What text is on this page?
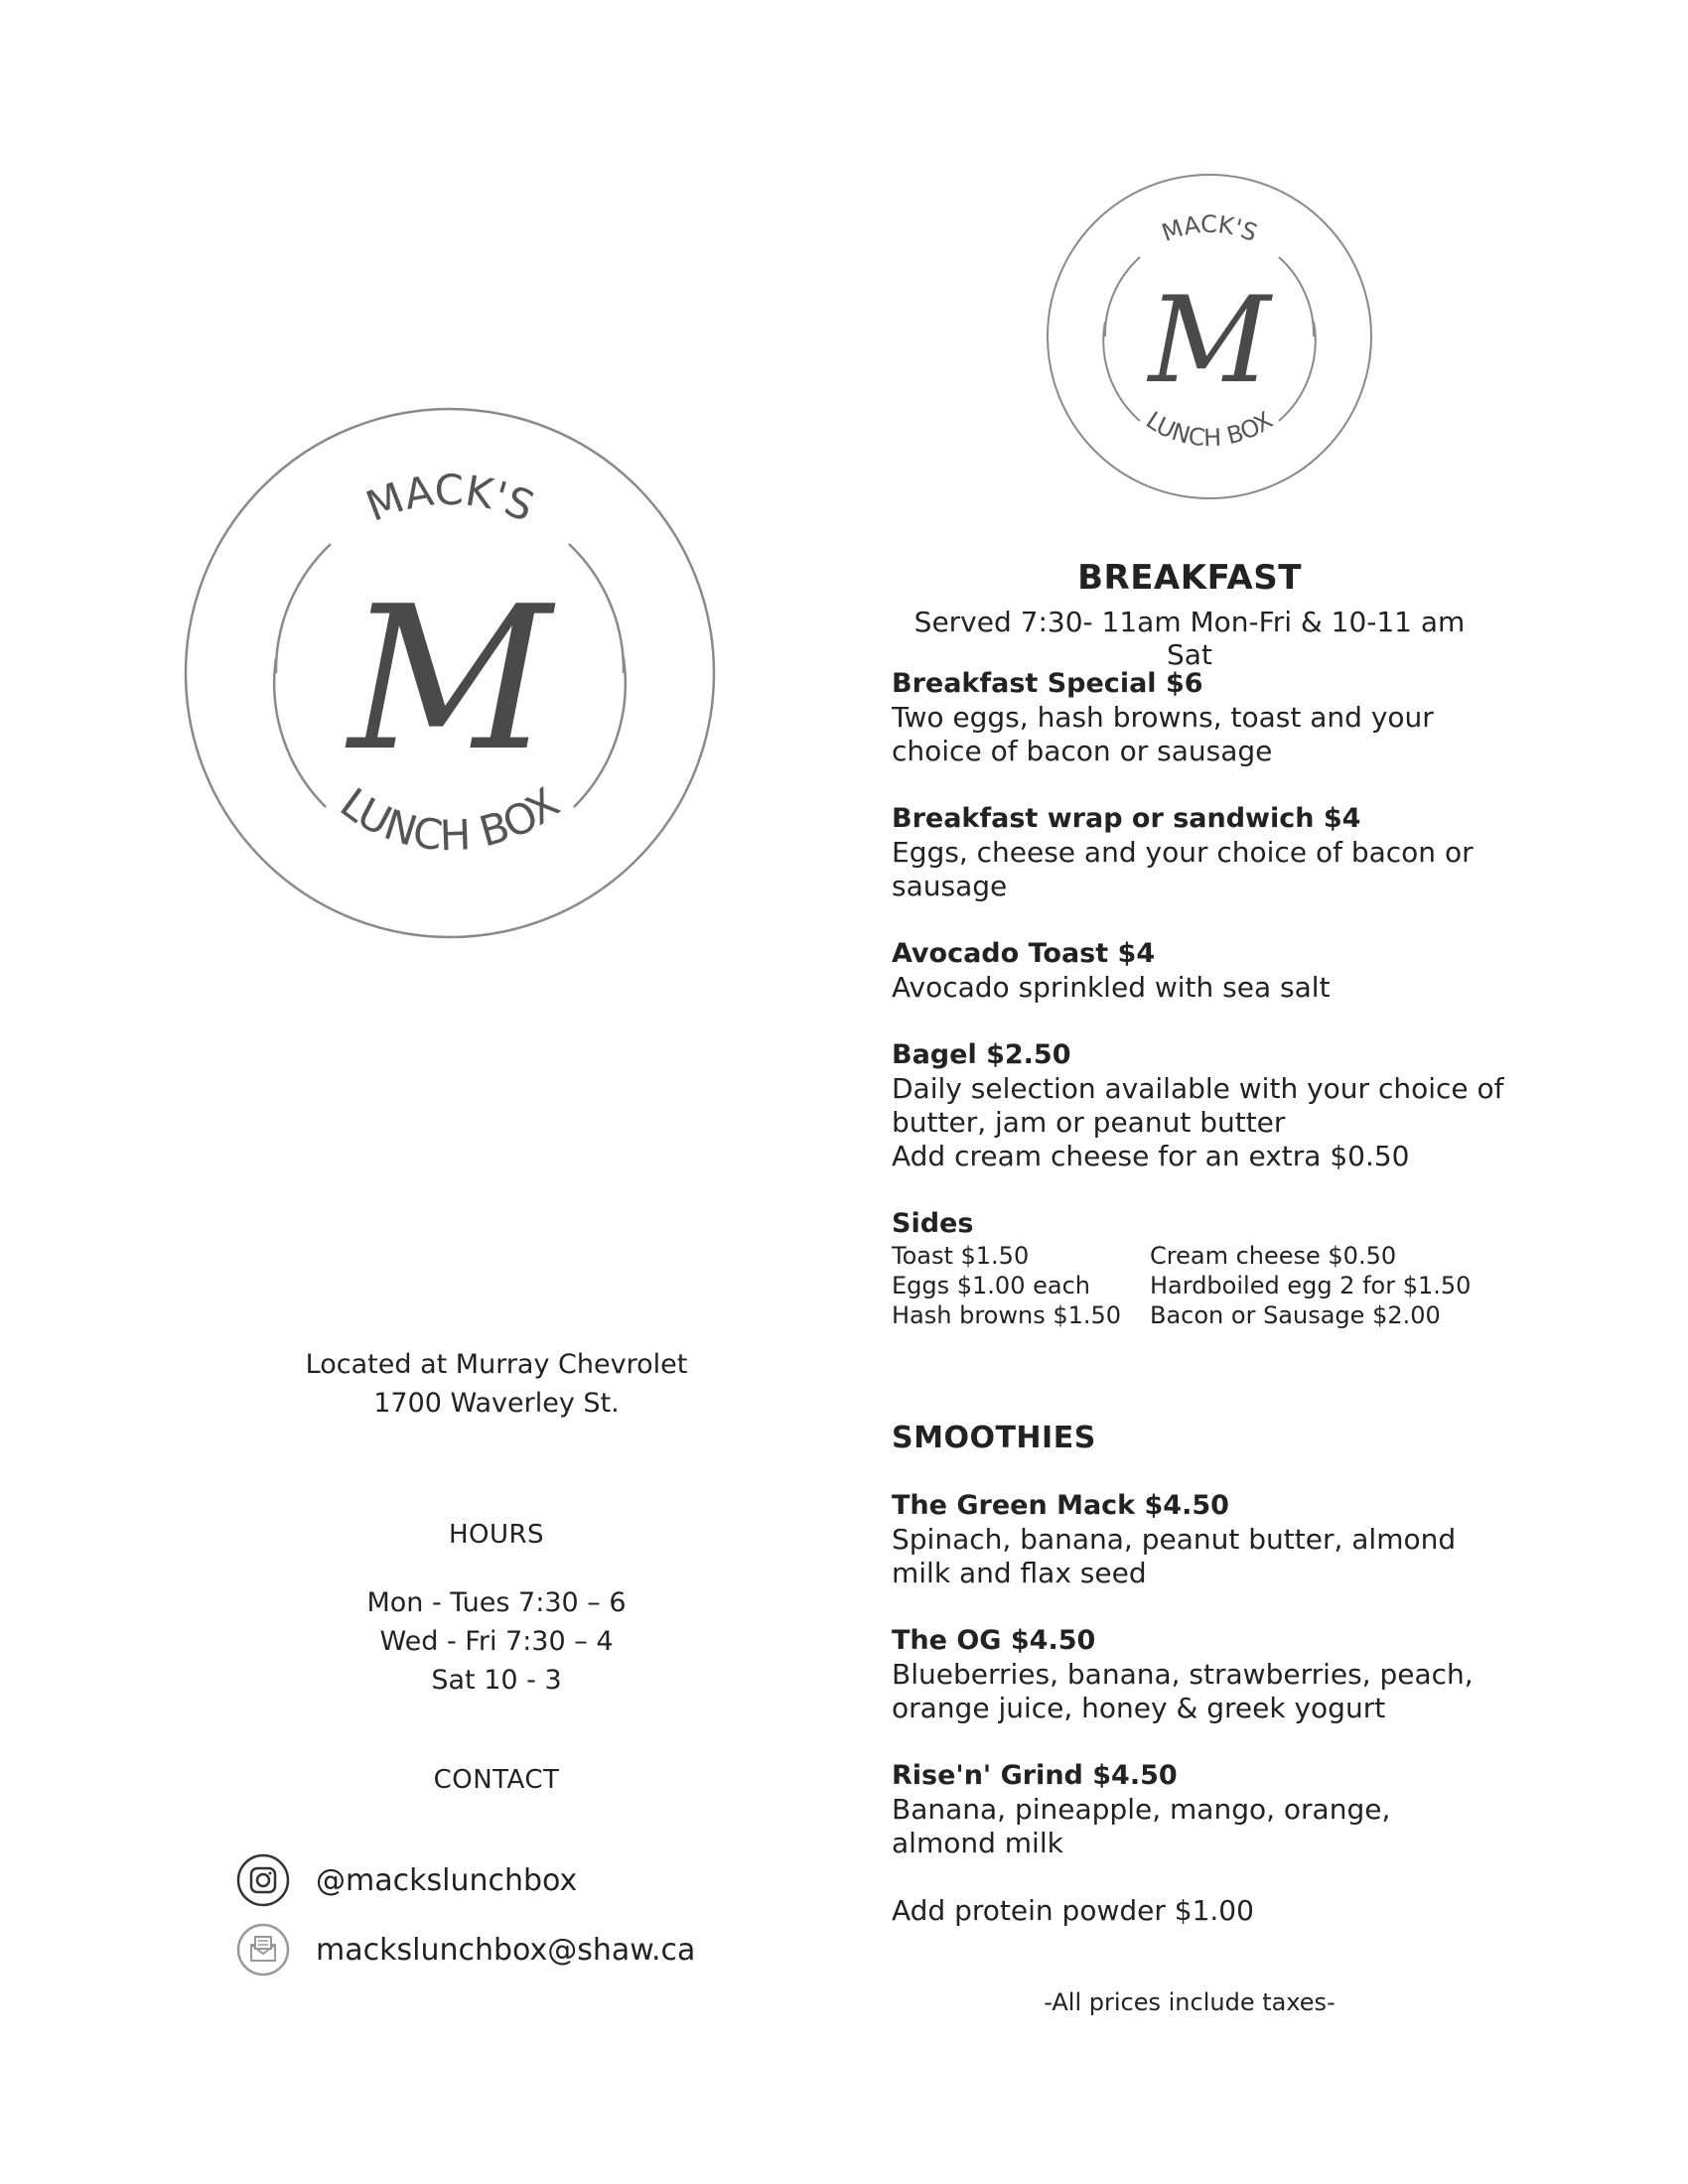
MACK'S
M
LUNCH BOX
MACK'S
M
LUNCH BOX
Located at Murray Chevrolet
1700 Waverley St.
HOURS
Mon - Tues 7:30 – 6
Wed - Fri 7:30 – 4
Sat 10 - 3
CONTACT
@mackslunchbox
mackslunchbox@shaw.ca
BREAKFAST
Served 7:30- 11am Mon-Fri & 10-11 am Sat
Breakfast Special $6
Two eggs, hash browns, toast and your
choice of bacon or sausage
Breakfast wrap or sandwich $4
Eggs, cheese and your choice of bacon or
sausage
Avocado Toast $4
Avocado sprinkled with sea salt
Bagel $2.50
Daily selection available with your choice of
butter, jam or peanut butter
Add cream cheese for an extra $0.50
Sides
Toast $1.50	Cream cheese $0.50
Eggs $1.00 each	Hardboiled egg 2 for $1.50
Hash browns $1.50	Bacon or Sausage $2.00
SMOOTHIES
The Green Mack $4.50
Spinach, banana, peanut butter, almond
milk and flax seed
The OG $4.50
Blueberries, banana, strawberries, peach,
orange juice, honey & greek yogurt
Rise'n' Grind $4.50
Banana, pineapple, mango, orange,
almond milk
Add protein powder $1.00
-All prices include taxes-
